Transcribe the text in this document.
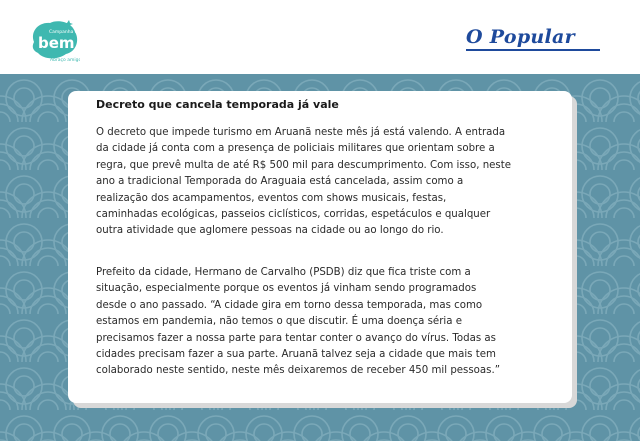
Campanha do
bem
Abraço amigo!
O Popular
Decreto que cancela temporada já vale

O decreto que impede turismo em Aruanã neste mês já está valendo. A entrada
da cidade já conta com a presença de policiais militares que orientam sobre a
regra, que prevê multa de até R$ 500 mil para descumprimento. Com isso, neste
ano a tradicional Temporada do Araguaia está cancelada, assim como a
realização dos acampamentos, eventos com shows musicais, festas,
caminhadas ecológicas, passeios ciclísticos, corridas, espetáculos e qualquer
outra atividade que aglomere pessoas na cidade ou ao longo do rio.

Prefeito da cidade, Hermano de Carvalho (PSDB) diz que fica triste com a
situação, especialmente porque os eventos já vinham sendo programados
desde o ano passado. “A cidade gira em torno dessa temporada, mas como
estamos em pandemia, não temos o que discutir. É uma doença séria e
precisamos fazer a nossa parte para tentar conter o avanço do vírus. Todas as
cidades precisam fazer a sua parte. Aruanã talvez seja a cidade que mais tem
colaborado neste sentido, neste mês deixaremos de receber 450 mil pessoas.”
